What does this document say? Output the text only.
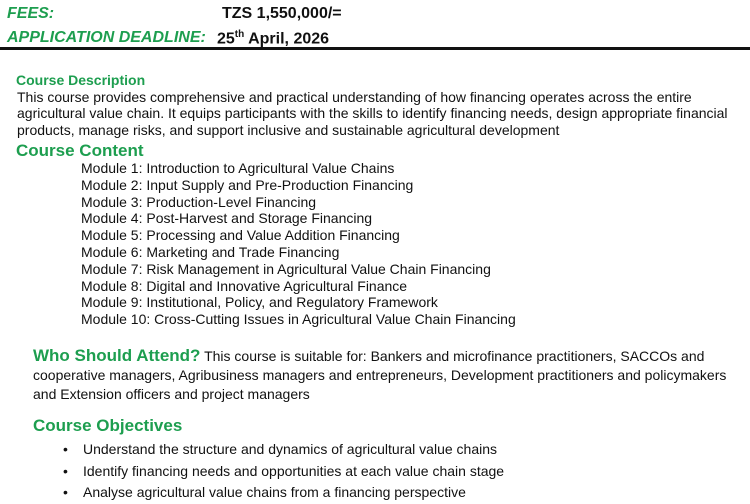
FEES:	TZS 1,550,000/=
APPLICATION DEADLINE: 25th April, 2026
Course Description
This course provides comprehensive and practical understanding of how financing operates across the entire agricultural value chain. It equips participants with the skills to identify financing needs, design appropriate financial products, manage risks, and support inclusive and sustainable agricultural development
Course Content
Module 1: Introduction to Agricultural Value Chains
Module 2: Input Supply and Pre-Production Financing
Module 3: Production-Level Financing
Module 4: Post-Harvest and Storage Financing
Module 5: Processing and Value Addition Financing
Module 6: Marketing and Trade Financing
Module 7: Risk Management in Agricultural Value Chain Financing
Module 8: Digital and Innovative Agricultural Finance
Module 9: Institutional, Policy, and Regulatory Framework
Module 10: Cross-Cutting Issues in Agricultural Value Chain Financing
Who Should Attend? This course is suitable for: Bankers and microfinance practitioners, SACCOs and cooperative managers, Agribusiness managers and entrepreneurs, Development practitioners and policymakers and Extension officers and project managers
Course Objectives
• Understand the structure and dynamics of agricultural value chains
• Identify financing needs and opportunities at each value chain stage
• Analyse agricultural value chains from a financing perspective
